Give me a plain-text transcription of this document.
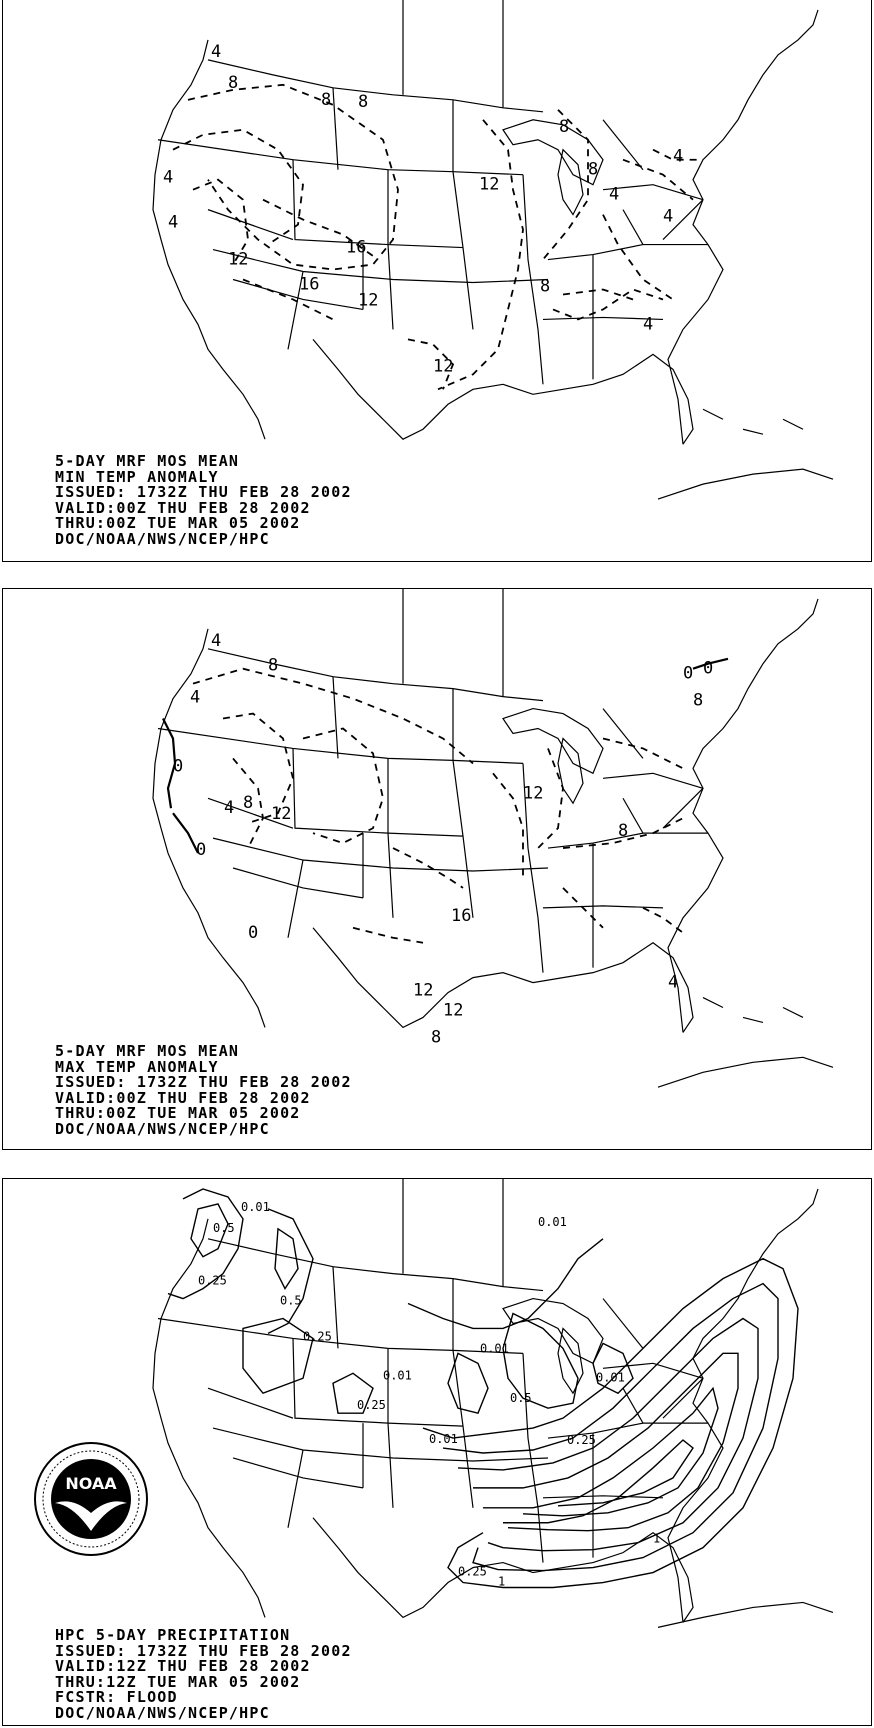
4
8
8 8
8
4
12	4
8
4
4
4
12
16
16
12
8
4
12
5-DAY MRF MOS MEAN
MIN TEMP ANOMALY
ISSUED: 1732Z THU FEB 28 2002
VALID:00Z THU FEB 28 2002
THRU:00Z TUE MAR 05 2002
DOC/NOAA/NWS/NCEP/HPC
4
8
4
0
0
0
8
4 8
12
0
12
8
16
12
12
8
4
0
5-DAY MRF MOS MEAN
MAX TEMP ANOMALY
ISSUED: 1732Z THU FEB 28 2002
VALID:00Z THU FEB 28 2002
THRU:00Z TUE MAR 05 2002
DOC/NOAA/NWS/NCEP/HPC
0.01
0.5
0.25
0.5
0.25
0.01
0.01
0.25
0.01
0.5
0.25
0.01
0.25
0.01
1
1
NOAA
HPC 5-DAY PRECIPITATION
ISSUED: 1732Z THU FEB 28 2002
VALID:12Z THU FEB 28 2002
THRU:12Z TUE MAR 05 2002
FCSTR: FLOOD
DOC/NOAA/NWS/NCEP/HPC
